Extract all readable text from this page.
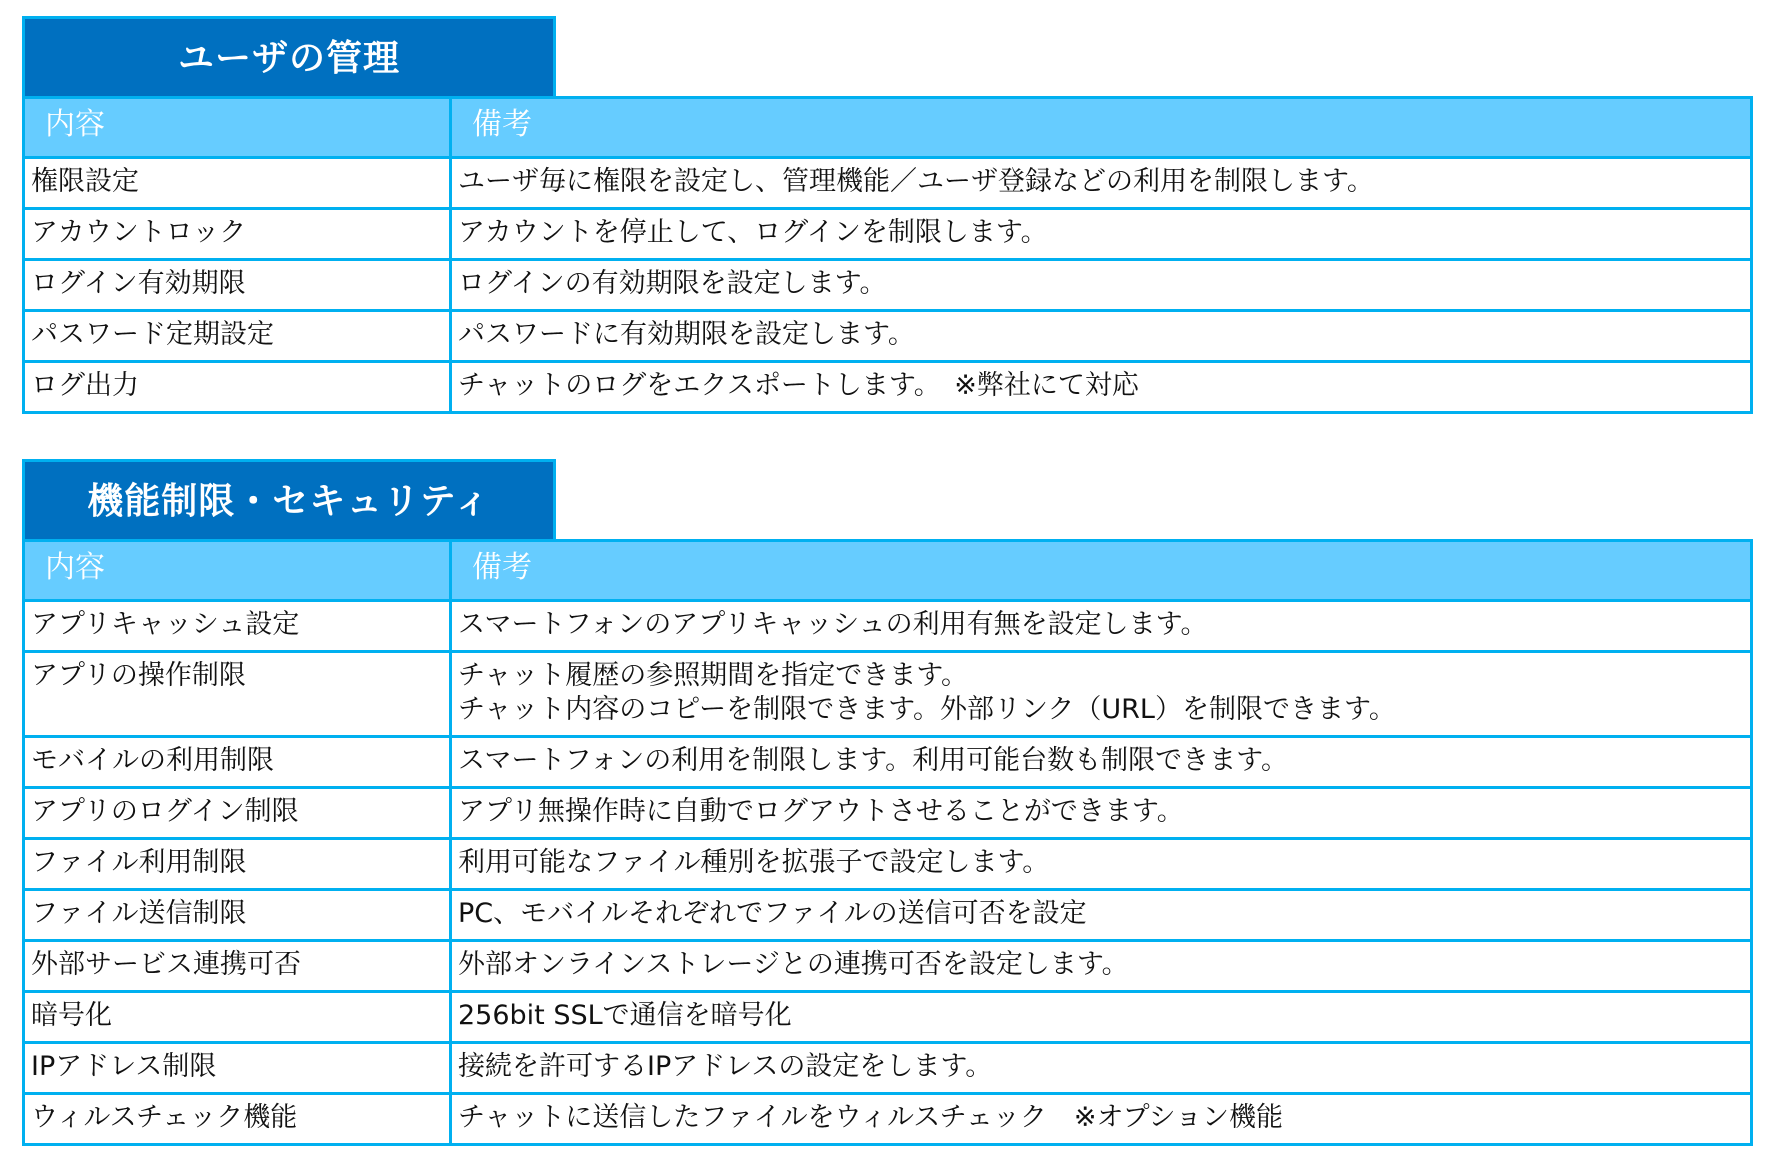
ユーザの管理
内容	備考
権限設定	ユーザ毎に権限を設定し、管理機能／ユーザ登録などの利用を制限します。

アカウントロック	アカウントを停止して、ログインを制限します。

ログイン有効期限	ログインの有効期限を設定します。

パスワード定期設定	パスワードに有効期限を設定します。

ログ出力	チャットのログをエクスポートします。　※弊社にて対応
機能制限・セキュリティ
内容	備考
アプリキャッシュ設定	スマートフォンのアプリキャッシュの利用有無を設定します。

アプリの操作制限	チャット履歴の参照期間を指定できます。
チャット内容のコピーを制限できます。外部リンク（URL）を制限できます。

モバイルの利用制限	スマートフォンの利用を制限します。利用可能台数も制限できます。

アプリのログイン制限	アプリ無操作時に自動でログアウトさせることができます。

ファイル利用制限	利用可能なファイル種別を拡張子で設定します。

ファイル送信制限	PC、モバイルそれぞれでファイルの送信可否を設定

外部サービス連携可否	外部オンラインストレージとの連携可否を設定します。

暗号化	256bit SSLで通信を暗号化

IPアドレス制限	接続を許可するIPアドレスの設定をします。

ウィルスチェック機能	チャットに送信したファイルをウィルスチェック　※オプション機能
